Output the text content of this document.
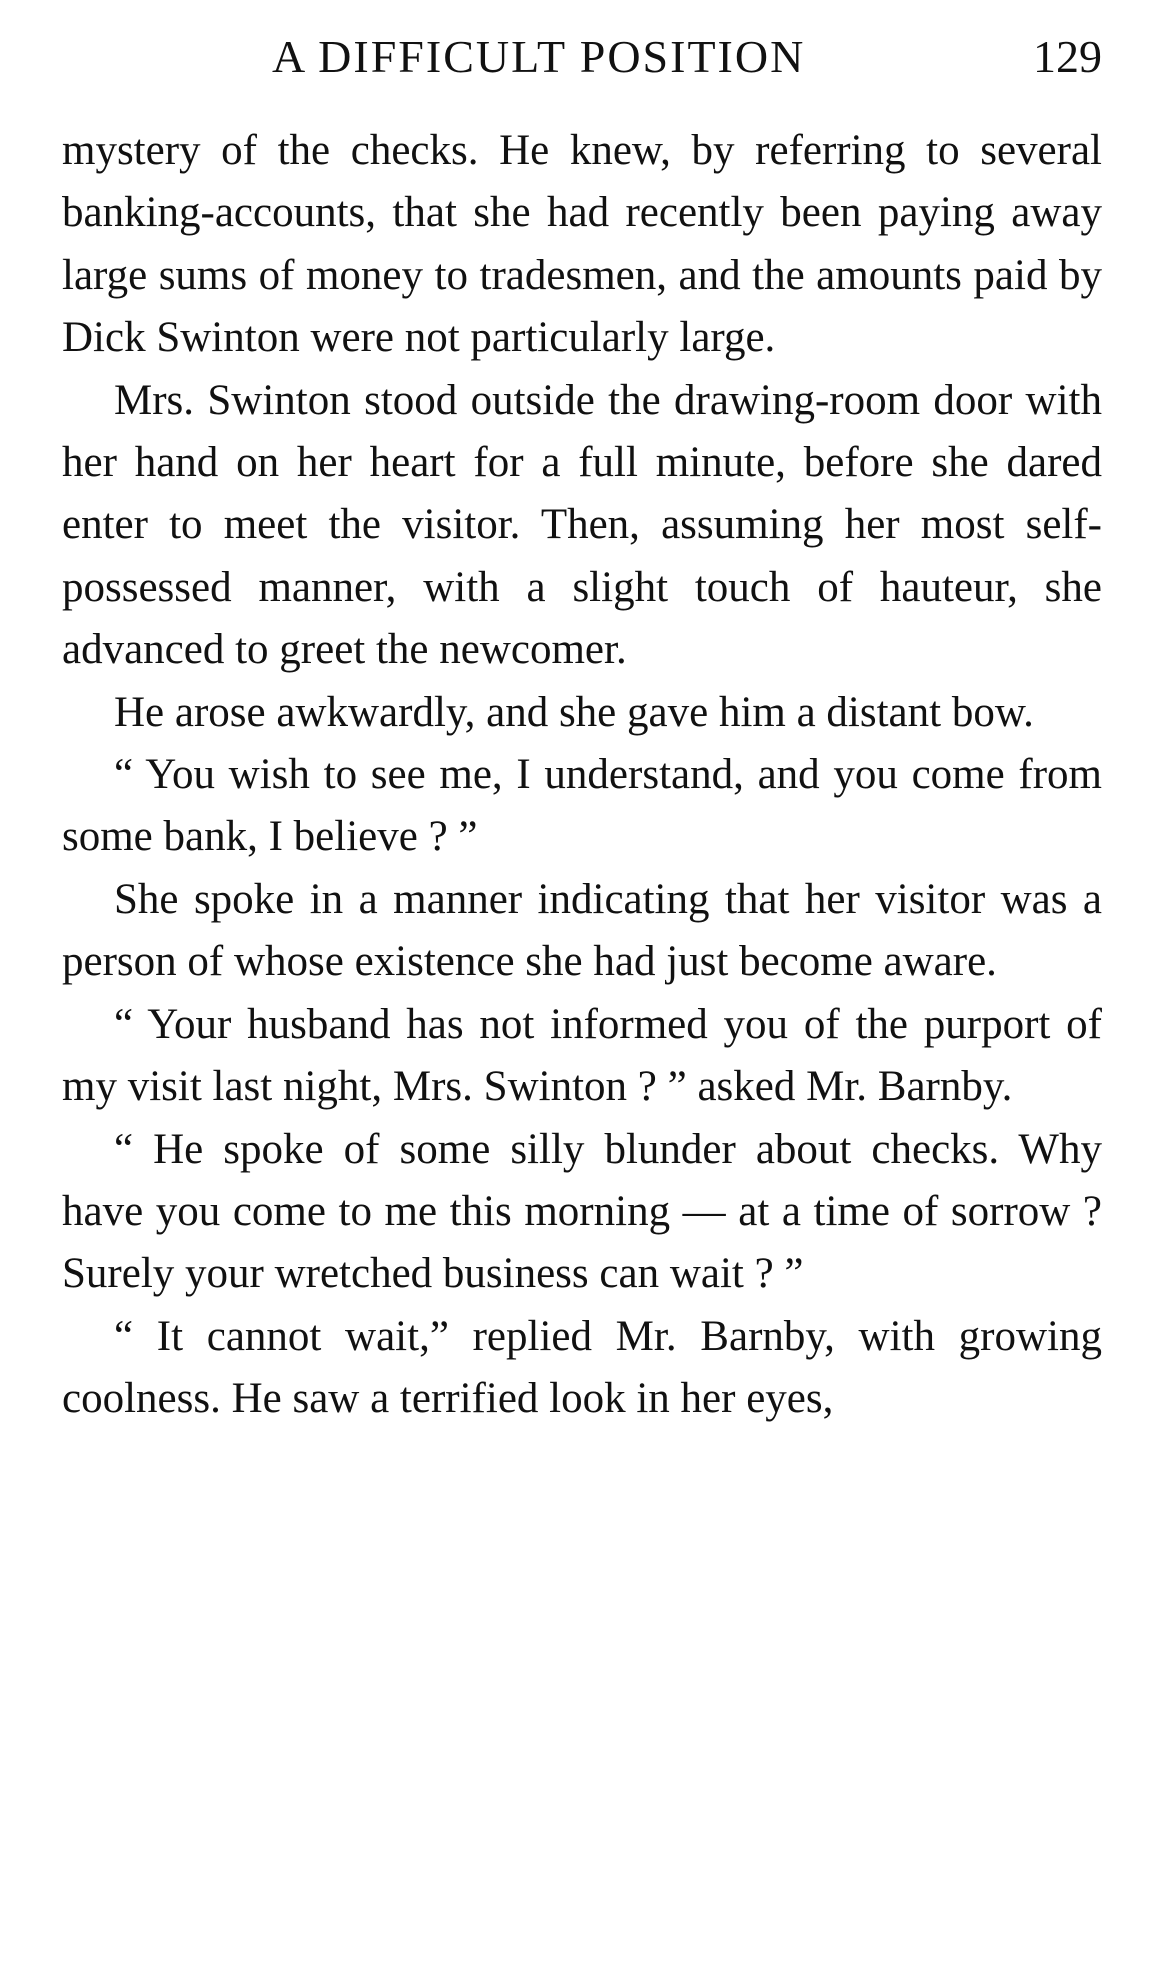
A DIFFICULT POSITION	129

mystery of the checks. He knew, by referring to several banking-accounts, that she had recently been paying away large sums of money to tradesmen, and the amounts paid by Dick Swinton were not particularly large.

Mrs. Swinton stood outside the drawing-room door with her hand on her heart for a full minute, before she dared enter to meet the visitor. Then, assuming her most self-possessed manner, with a slight touch of hauteur, she advanced to greet the newcomer.

He arose awkwardly, and she gave him a distant bow.

“ You wish to see me, I understand, and you come from some bank, I believe ? ”

She spoke in a manner indicating that her visitor was a person of whose existence she had just become aware.

“ Your husband has not informed you of the purport of my visit last night, Mrs. Swinton ? ” asked Mr. Barnby.

“ He spoke of some silly blunder about checks. Why have you come to me this morning — at a time of sorrow ? Surely your wretched business can wait ? ”

“ It cannot wait,” replied Mr. Barnby, with growing coolness. He saw a terrified look in her eyes,
